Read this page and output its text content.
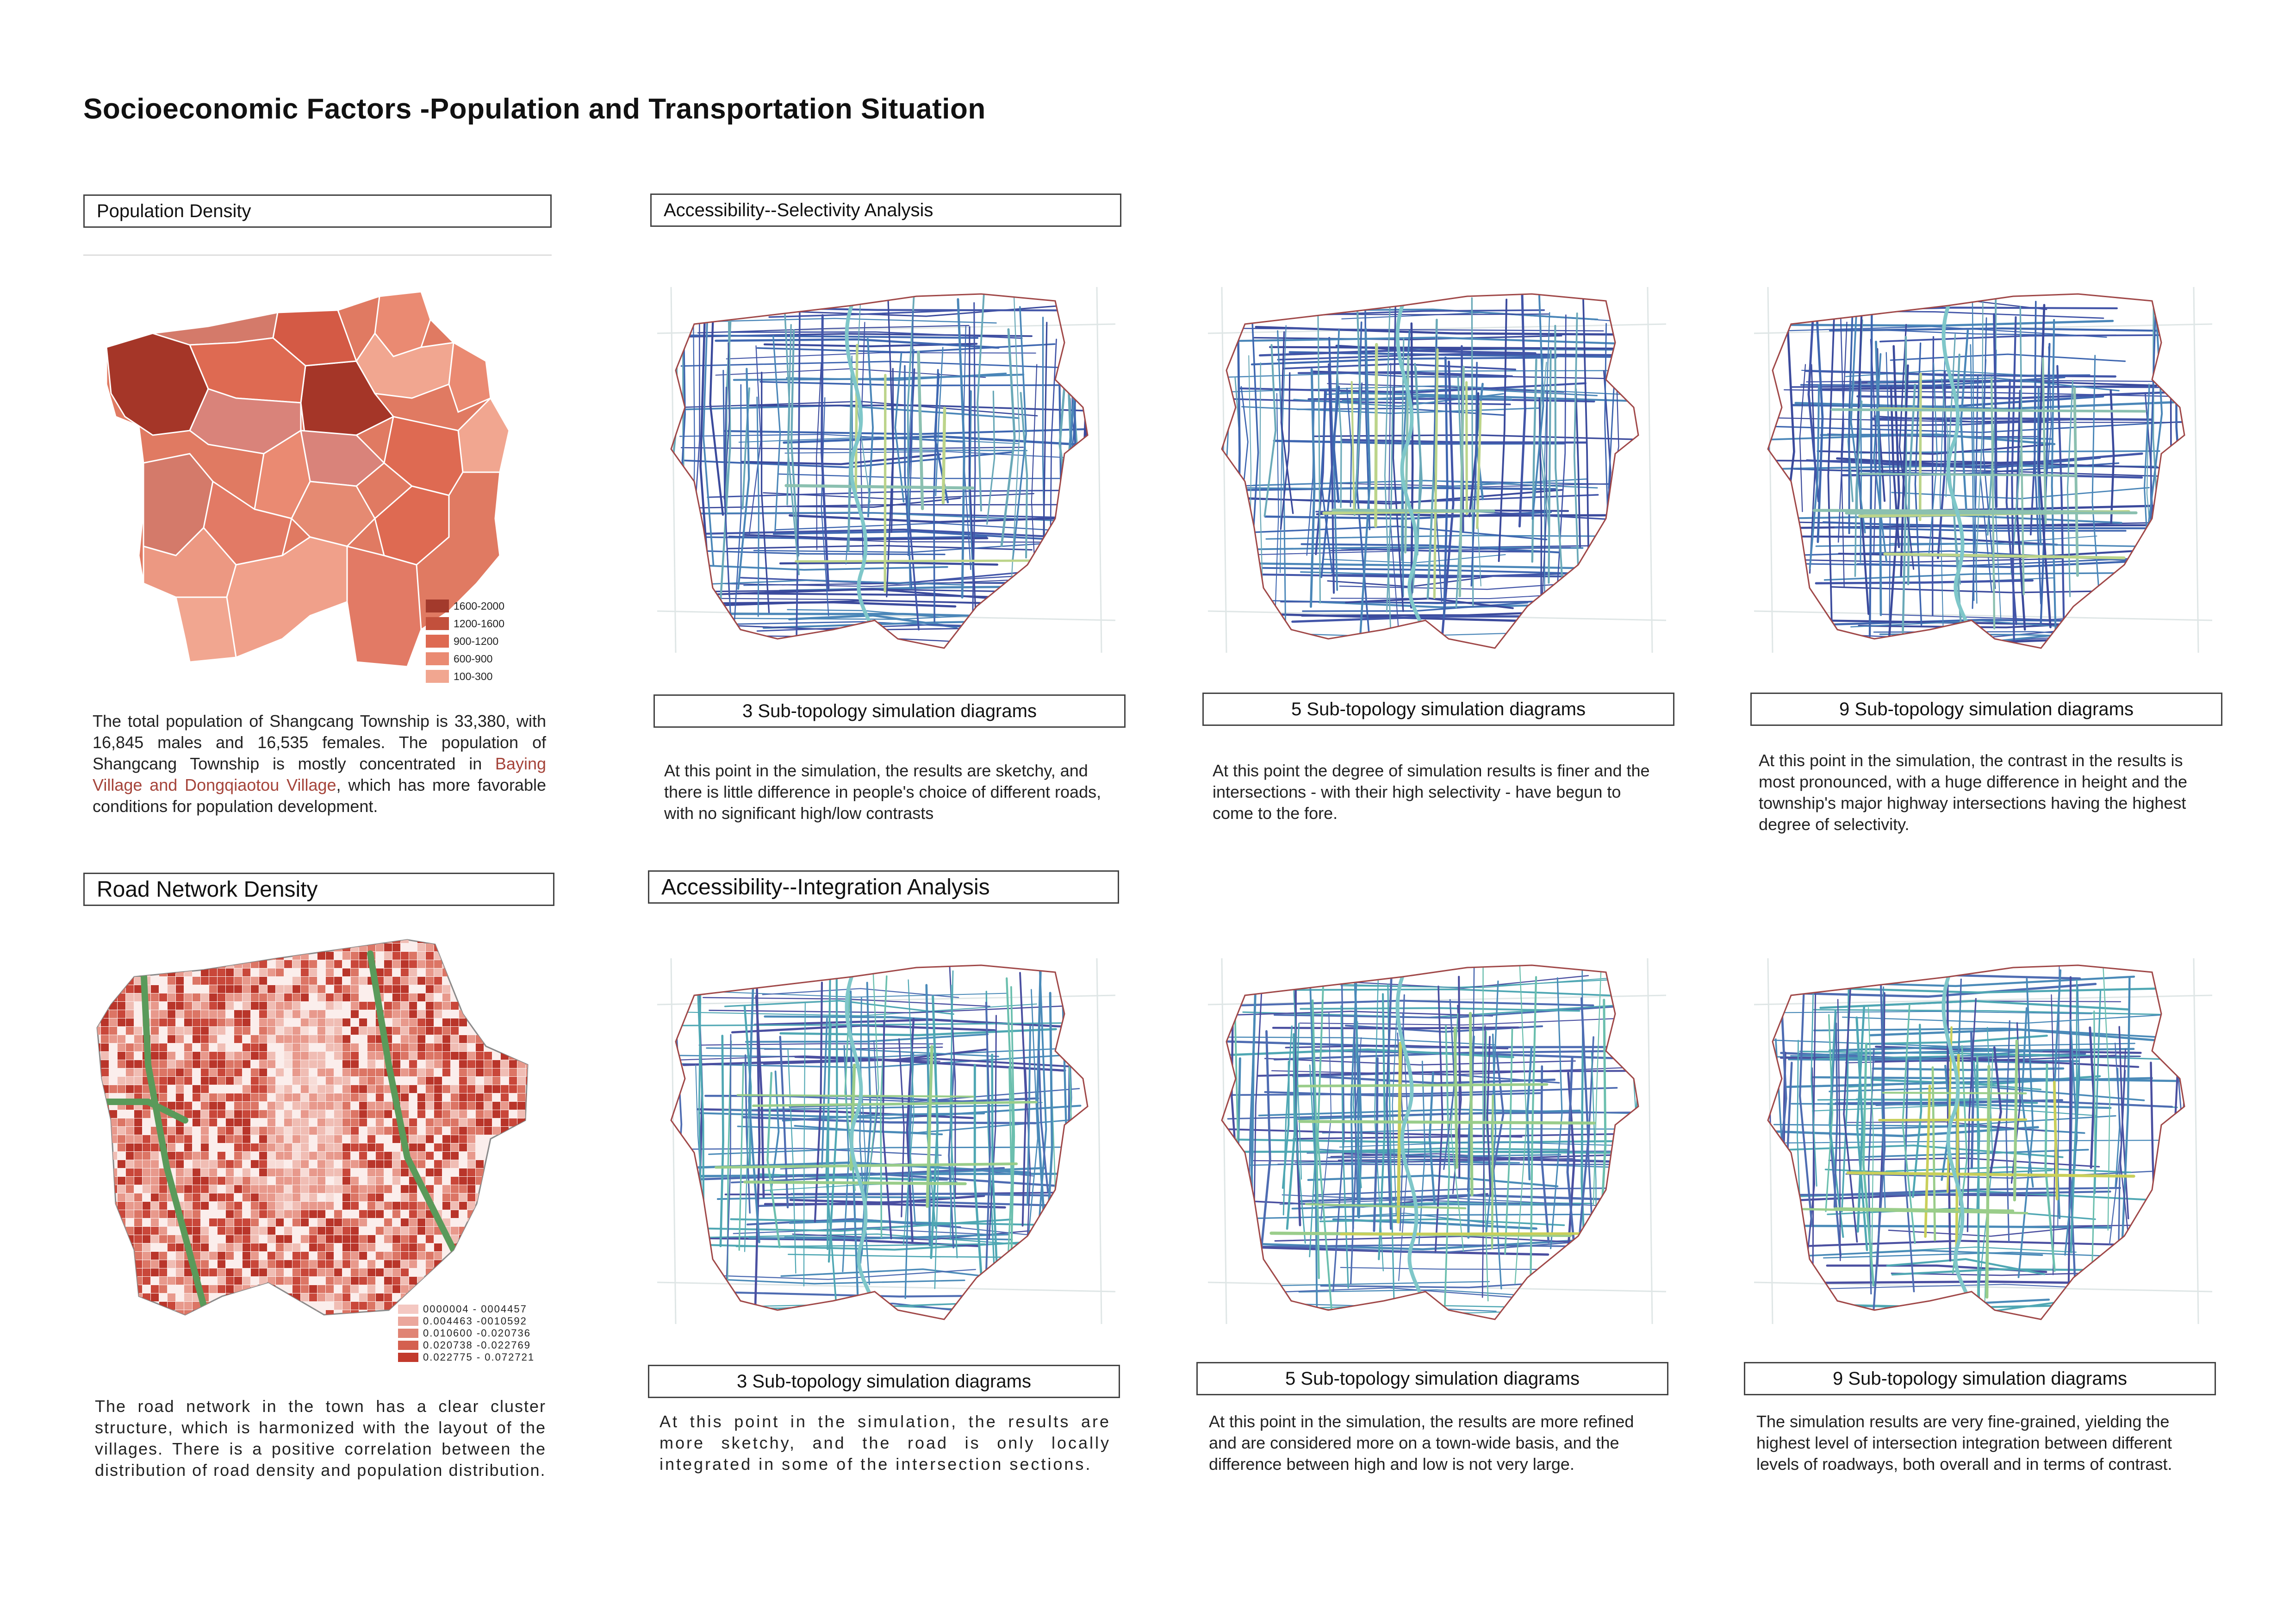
Socioeconomic Factors -Population and Transportation Situation
Population Density
1600-2000
1200-1600
900-1200
600-900
100-300
The total population of Shangcang Township is 33,380, with 16,845 males and 16,535 females. The population of Shangcang Township is mostly concentrated in Baying Village and Dongqiaotou Village, which has more favorable conditions for population development.
Road Network Density
0000004 - 0004457
0.004463 -0010592
0.010600 -0.020736
0.020738 -0.022769
0.022775 - 0.072721
The road network in the town has a clear cluster structure, which is harmonized with the layout of the villages. There is a positive correlation between the distribution of road density and population distribution.
Accessibility--Selectivity Analysis
3 Sub-topology simulation diagrams	5 Sub-topology simulation diagrams	9 Sub-topology simulation diagrams
At this point in the simulation, the results are sketchy, and there is little difference in people's choice of different roads, with no significant high/low contrasts
At this point the degree of simulation results is finer and the intersections - with their high selectivity - have begun to come to the fore.
At this point in the simulation, the contrast in the results is most pronounced, with a huge difference in height and the township's major highway intersections having the highest degree of selectivity.
Accessibility--Integration Analysis
3 Sub-topology simulation diagrams	5 Sub-topology simulation diagrams	9 Sub-topology simulation diagrams
At this point in the simulation, the results are more sketchy, and the road is only locally integrated in some of the intersection sections.
At this point in the simulation, the results are more refined and are considered more on a town-wide basis, and the difference between high and low is not very large.
The simulation results are very fine-grained, yielding the highest level of intersection integration between different levels of roadways, both overall and in terms of contrast.
